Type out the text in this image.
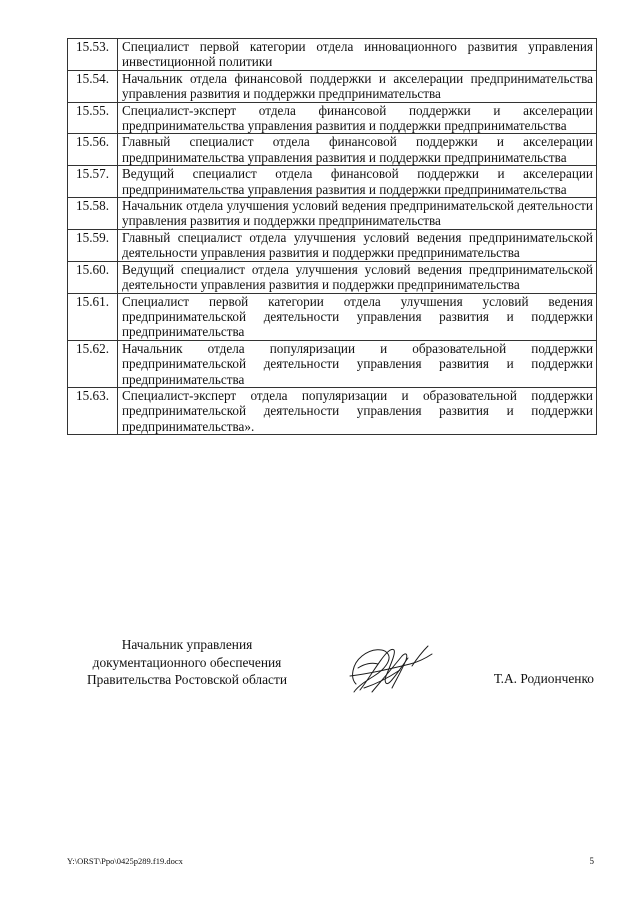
15.53.	Специалист первой категории отдела инновационного развития управления инвестиционной политики
15.54.	Начальник отдела финансовой поддержки и акселерации предпринимательства управления развития и поддержки предпринимательства
15.55.	Специалист-эксперт отдела финансовой поддержки и акселерации предпринимательства управления развития и поддержки предпринимательства
15.56.	Главный специалист отдела финансовой поддержки и акселерации предпринимательства управления развития и поддержки предпринимательства
15.57.	Ведущий специалист отдела финансовой поддержки и акселерации предпринимательства управления развития и поддержки предпринимательства
15.58.	Начальник отдела улучшения условий ведения предпринимательской деятельности управления развития и поддержки предпринимательства
15.59.	Главный специалист отдела улучшения условий ведения предпринимательской деятельности управления развития и поддержки предпринимательства
15.60.	Ведущий специалист отдела улучшения условий ведения предпринимательской деятельности управления развития и поддержки предпринимательства
15.61.	Специалист первой категории отдела улучшения условий ведения предпринимательской деятельности управления развития и поддержки предпринимательства
15.62.	Начальник отдела популяризации и образовательной поддержки предпринимательской деятельности управления развития и поддержки предпринимательства
15.63.	Специалист-эксперт отдела популяризации и образовательной поддержки предпринимательской деятельности управления развития и поддержки предпринимательства».
Начальник управления
документационного обеспечения
Правительства Ростовской области	Т.А. Родионченко
Y:\ORST\Ppo\0425p289.f19.docx	5
